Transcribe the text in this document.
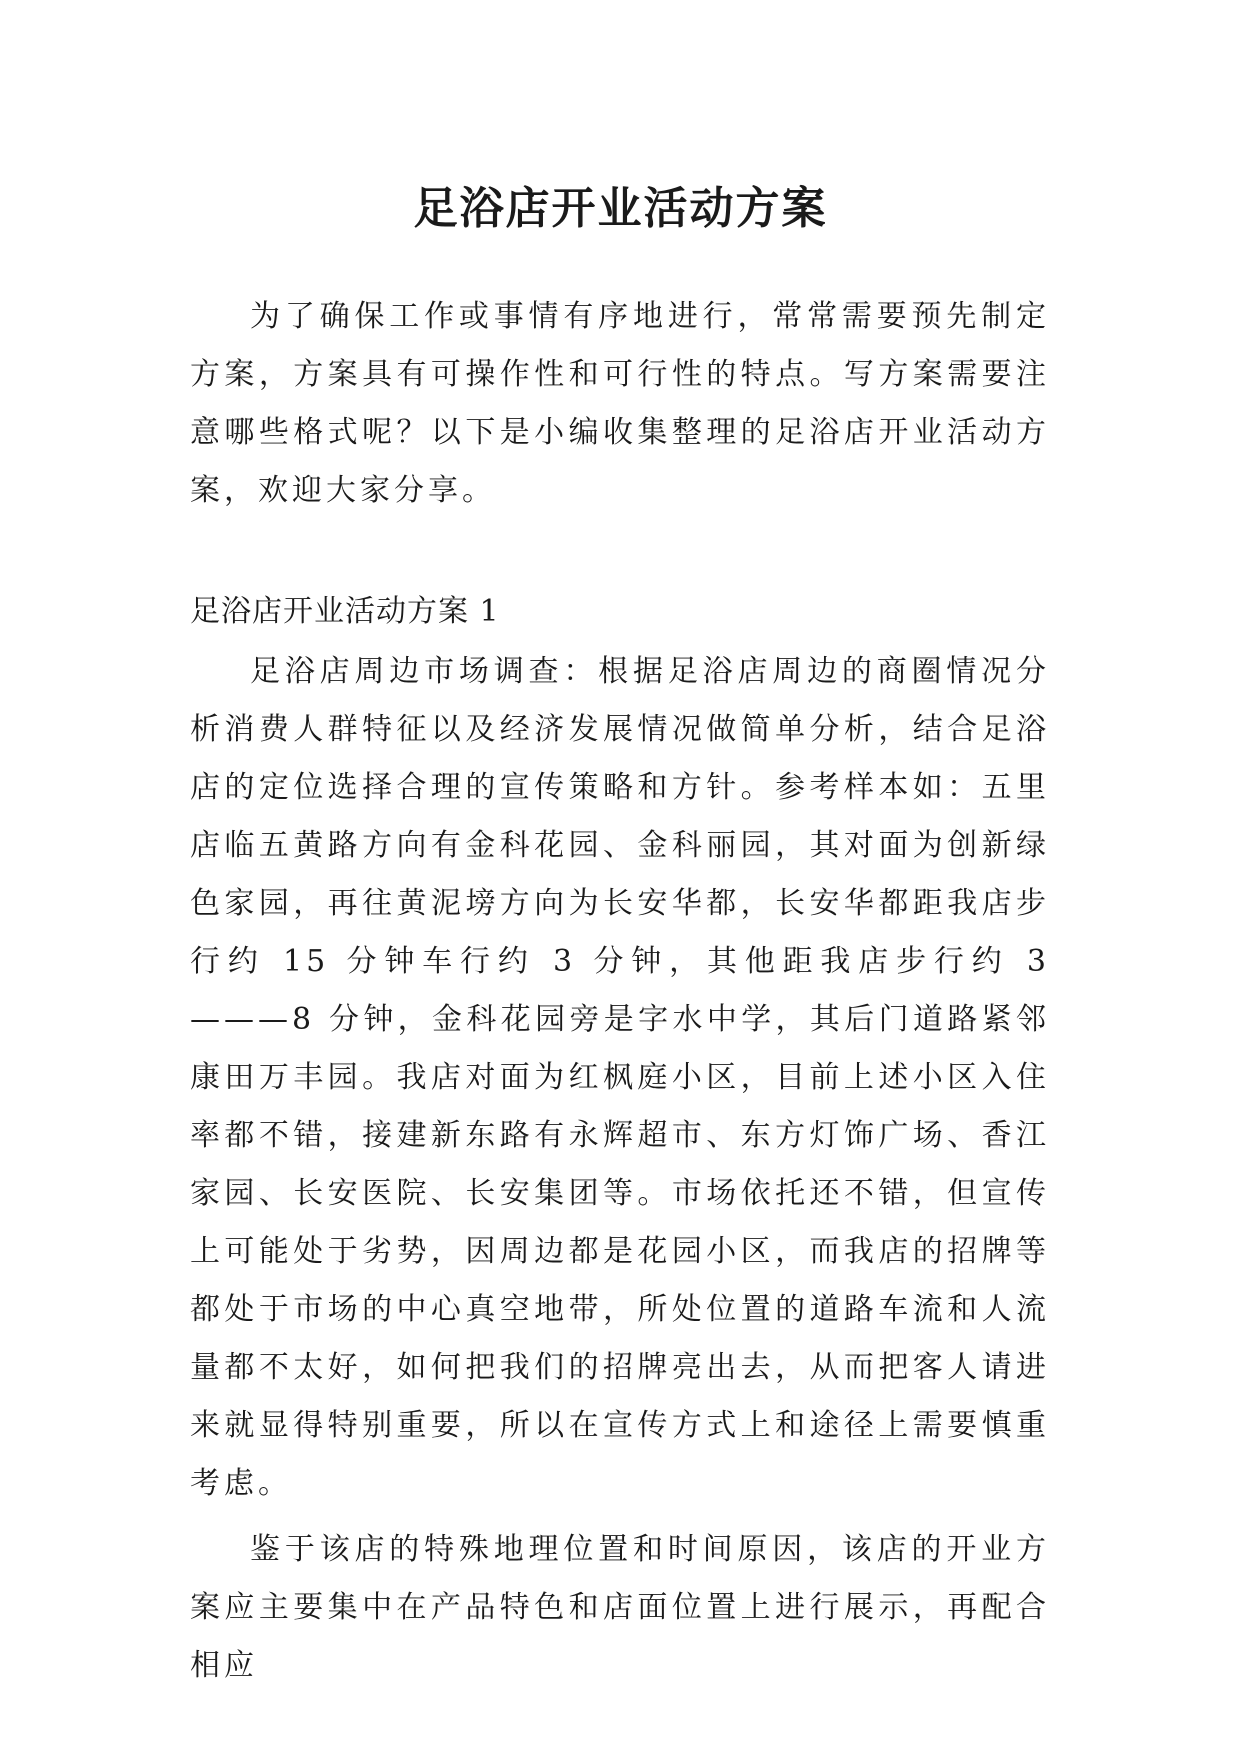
足浴店开业活动方案

为了确保工作或事情有序地进行，常常需要预先制定方案，方案具有可操作性和可行性的特点。写方案需要注意哪些格式呢？以下是小编收集整理的足浴店开业活动方案，欢迎大家分享。

足浴店开业活动方案 1

足浴店周边市场调查：根据足浴店周边的商圈情况分析消费人群特征以及经济发展情况做简单分析，结合足浴店的定位选择合理的宣传策略和方针。参考样本如：五里店临五黄路方向有金科花园、金科丽园，其对面为创新绿色家园，再往黄泥塝方向为长安华都，长安华都距我店步行约 15 分钟车行约 3 分钟，其他距我店步行约 3———8 分钟，金科花园旁是字水中学，其后门道路紧邻康田万丰园。我店对面为红枫庭小区，目前上述小区入住率都不错，接建新东路有永辉超市、东方灯饰广场、香江家园、长安医院、长安集团等。市场依托还不错，但宣传上可能处于劣势，因周边都是花园小区，而我店的招牌等都处于市场的中心真空地带，所处位置的道路车流和人流量都不太好，如何把我们的招牌亮出去，从而把客人请进来就显得特别重要，所以在宣传方式上和途径上需要慎重考虑。

鉴于该店的特殊地理位置和时间原因，该店的开业方案应主要集中在产品特色和店面位置上进行展示，再配合相应
